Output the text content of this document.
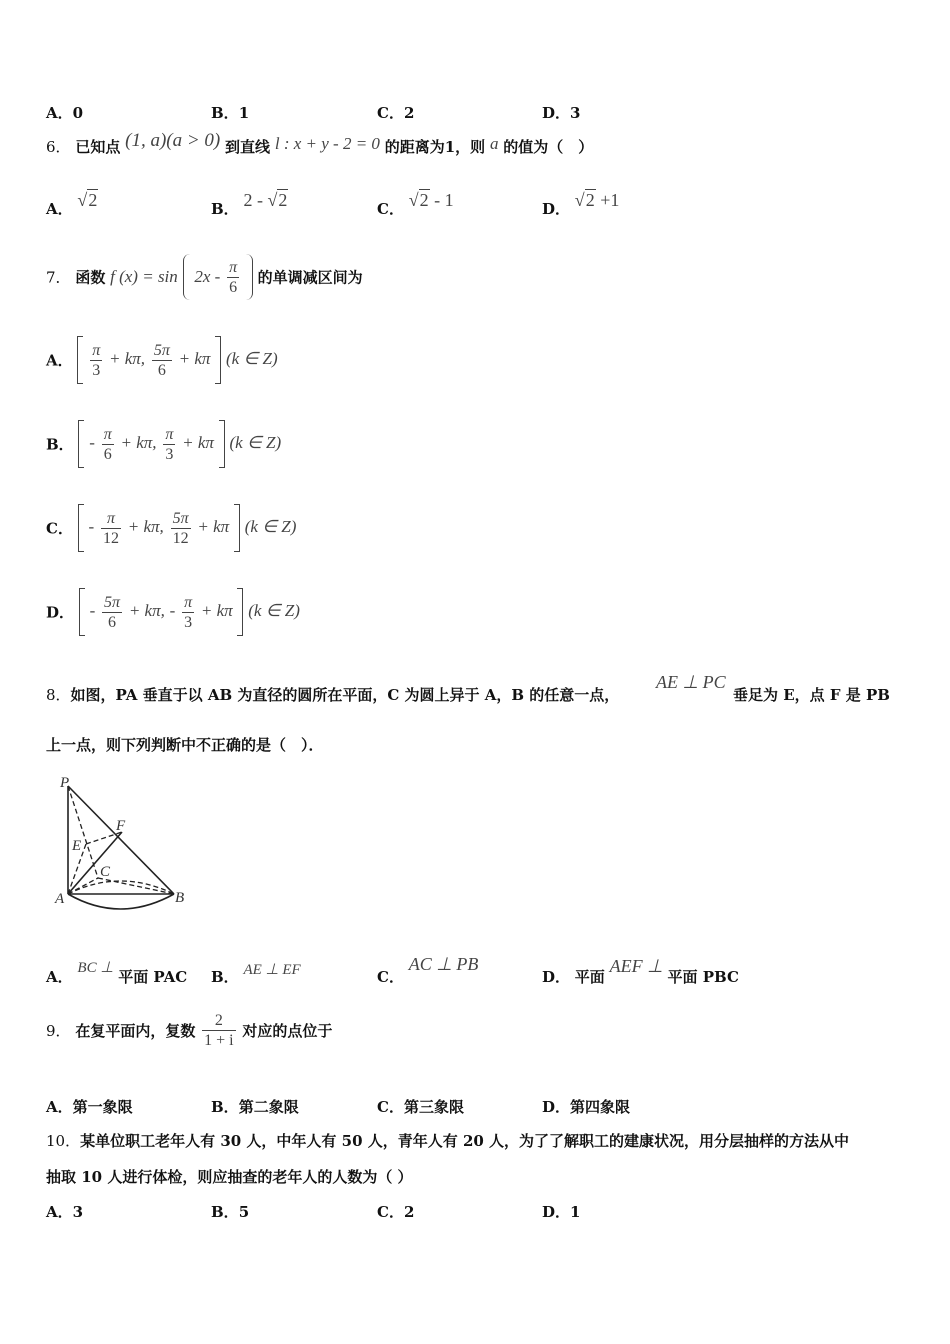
A．0	B．1	C．2	D．3
6． 已知点 (1, a)(a > 0) 到直线 l : x + y - 2 = 0 的距离为1，则 a 的值为（　）
A． √2	B． 2 - √2	C． √2 - 1	D． √2 +1
7． 函数 f $(x) = \sin 2x - \frac{\pi}{6}$ 的单调减区间为
A． $\frac{\pi}{3} + k\pi$, $\frac{5\pi}{6} + k\pi$ (k ∈ Z)
B． - $\frac{\pi}{6} + k\pi$, $\frac{\pi}{3} + k\pi$ (k ∈ Z)
C． - $\frac{\pi}{12} + k\pi$, $\frac{5\pi}{12} + k\pi$ (k ∈ Z)
D． - $\frac{5\pi}{6} + k\pi$, - $\frac{\pi}{3} + k\pi$ (k ∈ Z)
8．如图，PA 垂直于以 AB 为直径的圆所在平面，C 为圆上异于 A，B 的任意一点，
AE ⊥ PC
垂足为 E，点 F 是 PB
上一点，则下列判断中不正确的是（　）．
P
F
E
C
A	B
A． BC ⊥ 平面 PAC B． AE ⊥ EF	C． AC ⊥ PB
D． 平面 AEF ⊥ 平面 PBC
9． 在复平面内，复数 $\frac{2}{1 + i}$ 对应的点位于
A．第一象限	B．第二象限	C．第三象限	D．第四象限
10．某单位职工老年人有 30 人，中年人有 50 人，青年人有 20 人，为了了解职工的建康状况，用分层抽样的方法从中
抽取 10 人进行体检，则应抽查的老年人的人数为（ ）
A．3	B．5	C．2	D．1
